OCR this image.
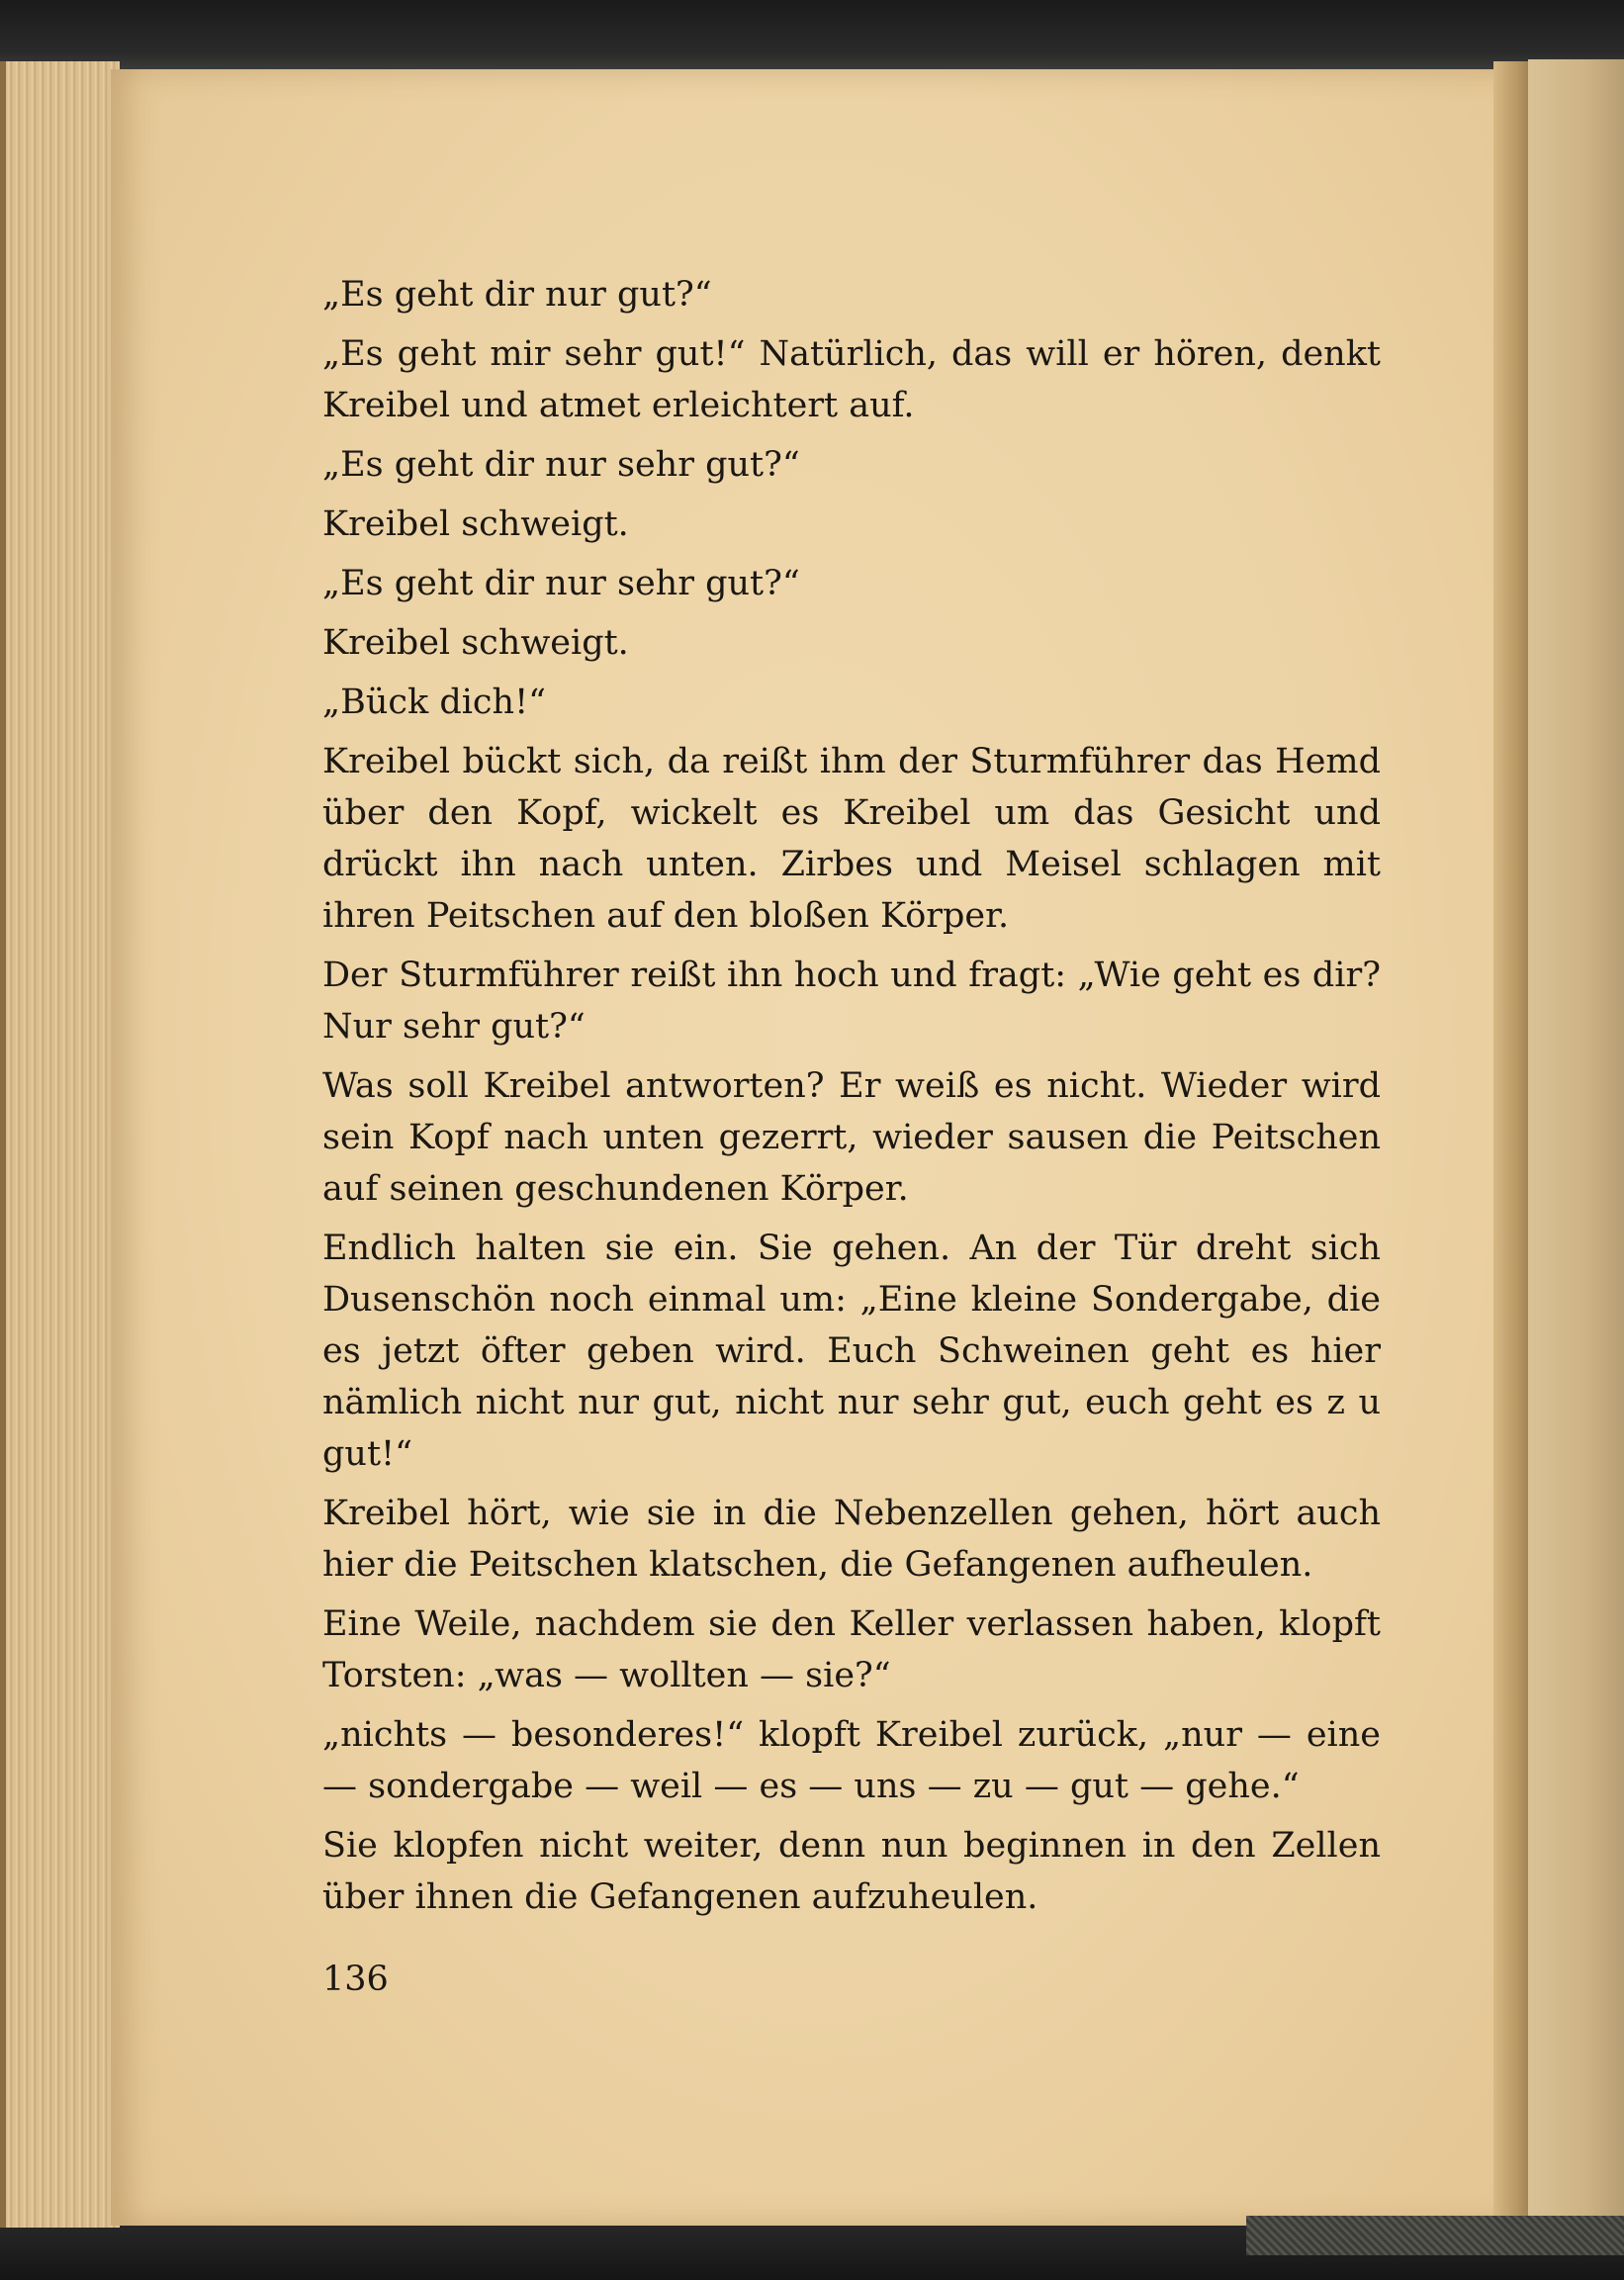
„Es geht dir nur gut?“

„Es geht mir sehr gut!“ Natürlich, das will er hören, denkt Kreibel und atmet erleichtert auf.

„Es geht dir nur sehr gut?“

Kreibel schweigt.

„Es geht dir nur sehr gut?“

Kreibel schweigt.

„Bück dich!“

Kreibel bückt sich, da reißt ihm der Sturmführer das Hemd über den Kopf, wickelt es Kreibel um das Gesicht und drückt ihn nach unten. Zirbes und Meisel schlagen mit ihren Peitschen auf den bloßen Körper.

Der Sturmführer reißt ihn hoch und fragt: „Wie geht es dir? Nur sehr gut?“

Was soll Kreibel antworten? Er weiß es nicht. Wieder wird sein Kopf nach unten gezerrt, wieder sausen die Peitschen auf seinen geschundenen Körper.

Endlich halten sie ein. Sie gehen. An der Tür dreht sich Dusenschön noch einmal um: „Eine kleine Sondergabe, die es jetzt öfter geben wird. Euch Schweinen geht es hier nämlich nicht nur gut, nicht nur sehr gut, euch geht es z u gut!“

Kreibel hört, wie sie in die Nebenzellen gehen, hört auch hier die Peitschen klatschen, die Gefangenen aufheulen.

Eine Weile, nachdem sie den Keller verlassen haben, klopft Torsten: „was — wollten — sie?“

„nichts — besonderes!“ klopft Kreibel zurück, „nur — eine — sondergabe — weil — es — uns — zu — gut — gehe.“

Sie klopfen nicht weiter, denn nun beginnen in den Zellen über ihnen die Gefangenen aufzuheulen.

136
